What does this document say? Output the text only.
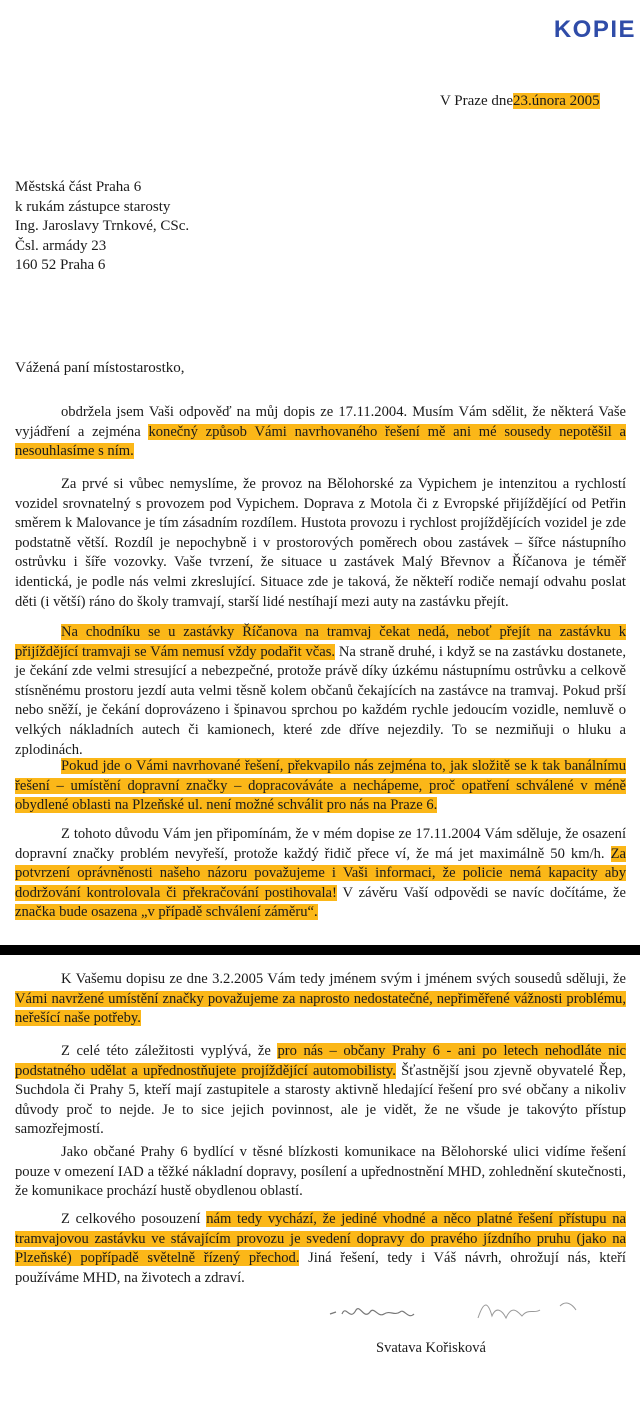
KOPIE
V Praze dne23.února 2005
Městská část Praha 6
k rukám zástupce starosty
Ing. Jaroslavy Trnkové, CSc.
Čsl. armády 23
160 52 Praha 6
Vážená paní místostarostko,

obdržela jsem Vaši odpověď na můj dopis ze 17.11.2004. Musím Vám sdělit, že některá Vaše vyjádření a zejména konečný způsob Vámi navrhovaného řešení mě ani mé sousedy nepotěšil a nesouhlasíme s ním.

Za prvé si vůbec nemyslíme, že provoz na Bělohorské za Vypichem je intenzitou a rychlostí vozidel srovnatelný s provozem pod Vypichem. Doprava z Motola či z Evropské přijíždějící od Petřin směrem k Malovance je tím zásadním rozdílem. Hustota provozu i rychlost projíždějících vozidel je zde podstatně větší. Rozdíl je nepochybně i v prostorových poměrech obou zastávek – šířce nástupního ostrůvku i šíře vozovky. Vaše tvrzení, že situace u zastávek Malý Břevnov a Říčanova je téměř identická, je podle nás velmi zkreslující. Situace zde je taková, že někteří rodiče nemají odvahu poslat děti (i větší) ráno do školy tramvají, starší lidé nestíhají mezi auty na zastávku přejít.

Na chodníku se u zastávky Říčanova na tramvaj čekat nedá, neboť přejít na zastávku k přijíždějící tramvaji se Vám nemusí vždy podařit včas. Na straně druhé, i když se na zastávku dostanete, je čekání zde velmi stresující a nebezpečné, protože právě díky úzkému nástupnímu ostrůvku a celkově stísněnému prostoru jezdí auta velmi těsně kolem občanů čekajících na zastávce na tramvaj. Pokud prší nebo sněží, je čekání doprovázeno i špinavou sprchou po každém rychle jedoucím vozidle, nemluvě o velkých nákladních autech či kamionech, které zde dříve nejezdily. To se nezmiňuji o hluku a zplodinách.

Pokud jde o Vámi navrhované řešení, překvapilo nás zejména to, jak složitě se k tak banálnímu řešení – umístění dopravní značky – dopracováváte a nechápeme, proč opatření schválené v méně obydlené oblasti na Plzeňské ul. není možné schválit pro nás na Praze 6.

Z tohoto důvodu Vám jen připomínám, že v mém dopise ze 17.11.2004 Vám sděluje, že osazení dopravní značky problém nevyřeší, protože každý řidič přece ví, že má jet maximálně 50 km/h. Za potvrzení oprávněnosti našeho názoru považujeme i Vaši informaci, že policie nemá kapacity aby dodržování kontrolovala či překračování postihovala! V závěru Vaší odpovědi se navíc dočítáme, že značka bude osazena „v případě schválení záměru“.

K Vašemu dopisu ze dne 3.2.2005 Vám tedy jménem svým i jménem svých sousedů sděluji, že Vámi navržené umístění značky považujeme za naprosto nedostatečné, nepřiměřené vážnosti problému, neřešící naše potřeby.

Z celé této záležitosti vyplývá, že pro nás – občany Prahy 6 - ani po letech nehodláte nic podstatného udělat a upřednostňujete projíždějící automobilisty. Šťastnější jsou zjevně obyvatelé Řep, Suchdola či Prahy 5, kteří mají zastupitele a starosty aktivně hledající řešení pro své občany a nikoliv důvody proč to nejde. Je to sice jejich povinnost, ale je vidět, že ne všude je takovýto přístup samozřejmostí.

Jako občané Prahy 6 bydlící v těsné blízkosti komunikace na Bělohorské ulici vidíme řešení pouze v omezení IAD a těžké nákladní dopravy, posílení a upřednostnění MHD, zohlednění skutečnosti, že komunikace prochází hustě obydlenou oblastí.

Z celkového posouzení nám tedy vychází, že jediné vhodné a něco platné řešení přístupu na tramvajovou zastávku ve stávajícím provozu je svedení dopravy do pravého jízdního pruhu (jako na Plzeňské) popřípadě světelně řízený přechod. Jiná řešení, tedy i Váš návrh, ohrožují nás, kteří používáme MHD, na životech a zdraví.

Svatava Kořisková
